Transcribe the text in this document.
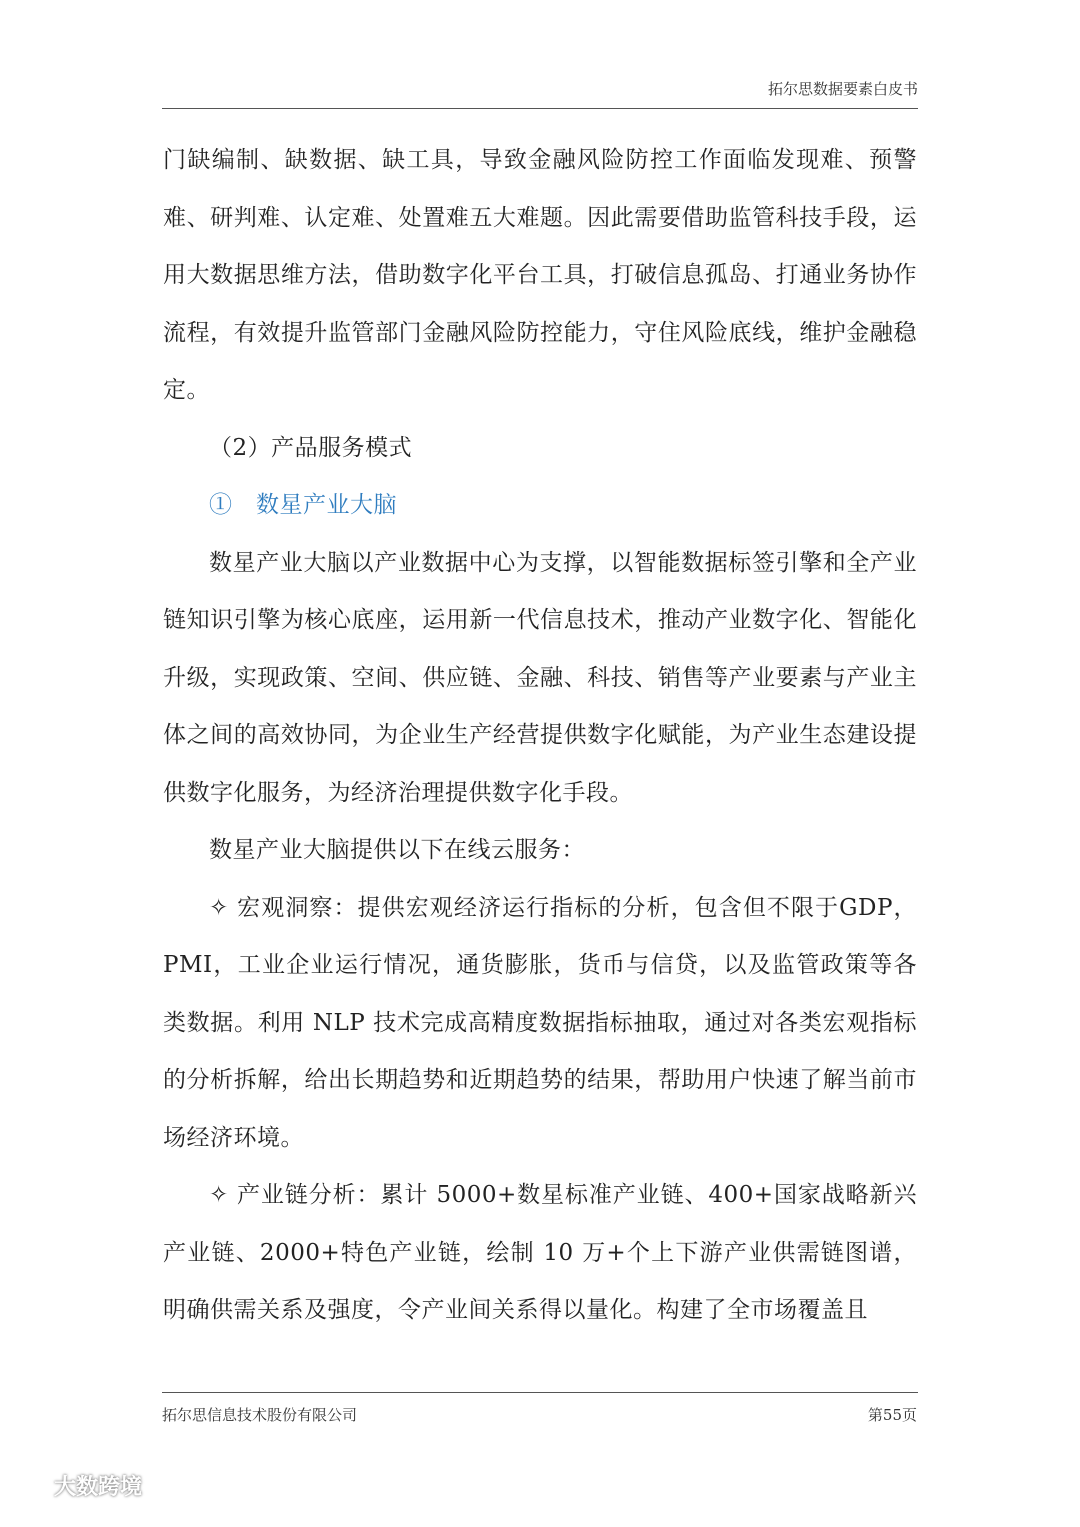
拓尔思数据要素白皮书

门缺编制、缺数据、缺工具，导致金融风险防控工作面临发现难、预警难、研判难、认定难、处置难五大难题。因此需要借助监管科技手段，运用大数据思维方法，借助数字化平台工具，打破信息孤岛、打通业务协作流程，有效提升监管部门金融风险防控能力，守住风险底线，维护金融稳定。

（2）产品服务模式

①　数星产业大脑

数星产业大脑以产业数据中心为支撑，以智能数据标签引擎和全产业链知识引擎为核心底座，运用新一代信息技术，推动产业数字化、智能化升级，实现政策、空间、供应链、金融、科技、销售等产业要素与产业主体之间的高效协同，为企业生产经营提供数字化赋能，为产业生态建设提供数字化服务，为经济治理提供数字化手段。

数星产业大脑提供以下在线云服务：

✧ 宏观洞察：提供宏观经济运行指标的分析，包含但不限于GDP，PMI，工业企业运行情况，通货膨胀，货币与信贷，以及监管政策等各类数据。利用 NLP 技术完成高精度数据指标抽取，通过对各类宏观指标的分析拆解，给出长期趋势和近期趋势的结果，帮助用户快速了解当前市场经济环境。

✧ 产业链分析：累计 5000+数星标准产业链、400+国家战略新兴产业链、2000+特色产业链，绘制 10 万+个上下游产业供需链图谱，明确供需关系及强度，令产业间关系得以量化。构建了全市场覆盖且

拓尔思信息技术股份有限公司	第55页
大数跨境
